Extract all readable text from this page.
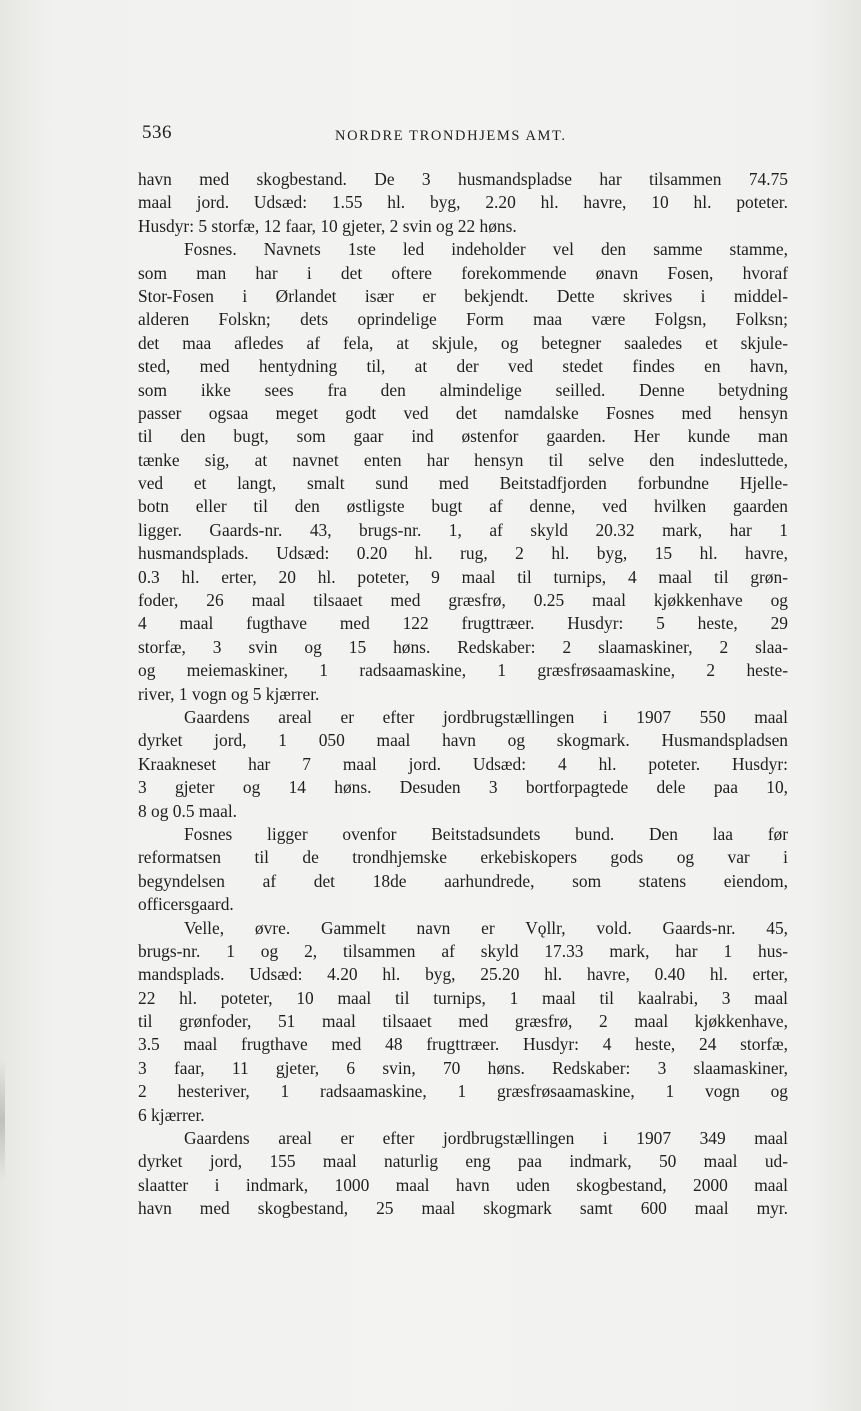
536	NORDRE TRONDHJEMS AMT.
havn med skogbestand. De 3 husmandspladse har tilsammen 74.75
maal jord. Udsæd: 1.55 hl. byg, 2.20 hl. havre, 10 hl. poteter.
Husdyr: 5 storfæ, 12 faar, 10 gjeter, 2 svin og 22 høns.
Fosnes. Navnets 1ste led indeholder vel den samme stamme,
som man har i det oftere forekommende ønavn Fosen, hvoraf
Stor-Fosen i Ørlandet især er bekjendt. Dette skrives i middel-
alderen Folskn; dets oprindelige Form maa være Folgsn, Folksn;
det maa afledes af fela, at skjule, og betegner saaledes et skjule-
sted, med hentydning til, at der ved stedet findes en havn,
som ikke sees fra den almindelige seilled. Denne betydning
passer ogsaa meget godt ved det namdalske Fosnes med hensyn
til den bugt, som gaar ind østenfor gaarden. Her kunde man
tænke sig, at navnet enten har hensyn til selve den indesluttede,
ved et langt, smalt sund med Beitstadfjorden forbundne Hjelle-
botn eller til den østligste bugt af denne, ved hvilken gaarden
ligger. Gaards-nr. 43, brugs-nr. 1, af skyld 20.32 mark, har 1
husmandsplads. Udsæd: 0.20 hl. rug, 2 hl. byg, 15 hl. havre,
0.3 hl. erter, 20 hl. poteter, 9 maal til turnips, 4 maal til grøn-
foder, 26 maal tilsaaet med græsfrø, 0.25 maal kjøkkenhave og
4 maal fugthave med 122 frugttræer. Husdyr: 5 heste, 29
storfæ, 3 svin og 15 høns. Redskaber: 2 slaamaskiner, 2 slaa-
og meiemaskiner, 1 radsaamaskine, 1 græsfrøsaamaskine, 2 heste-
river, 1 vogn og 5 kjærrer.
Gaardens areal er efter jordbrugstællingen i 1907 550 maal
dyrket jord, 1 050 maal havn og skogmark. Husmandspladsen
Kraakneset har 7 maal jord. Udsæd: 4 hl. poteter. Husdyr:
3 gjeter og 14 høns. Desuden 3 bortforpagtede dele paa 10,
8 og 0.5 maal.
Fosnes ligger ovenfor Beitstadsundets bund. Den laa før
reformatsen til de trondhjemske erkebiskopers gods og var i
begyndelsen af det 18de aarhundrede, som statens eiendom,
officersgaard.
Velle, øvre. Gammelt navn er Vǫllr, vold. Gaards-nr. 45,
brugs-nr. 1 og 2, tilsammen af skyld 17.33 mark, har 1 hus-
mandsplads. Udsæd: 4.20 hl. byg, 25.20 hl. havre, 0.40 hl. erter,
22 hl. poteter, 10 maal til turnips, 1 maal til kaalrabi, 3 maal
til grønfoder, 51 maal tilsaaet med græsfrø, 2 maal kjøkkenhave,
3.5 maal frugthave med 48 frugttræer. Husdyr: 4 heste, 24 storfæ,
3 faar, 11 gjeter, 6 svin, 70 høns. Redskaber: 3 slaamaskiner,
2 hesteriver, 1 radsaamaskine, 1 græsfrøsaamaskine, 1 vogn og
6 kjærrer.
Gaardens areal er efter jordbrugstællingen i 1907 349 maal
dyrket jord, 155 maal naturlig eng paa indmark, 50 maal ud-
slaatter i indmark, 1000 maal havn uden skogbestand, 2000 maal
havn med skogbestand, 25 maal skogmark samt 600 maal myr.
